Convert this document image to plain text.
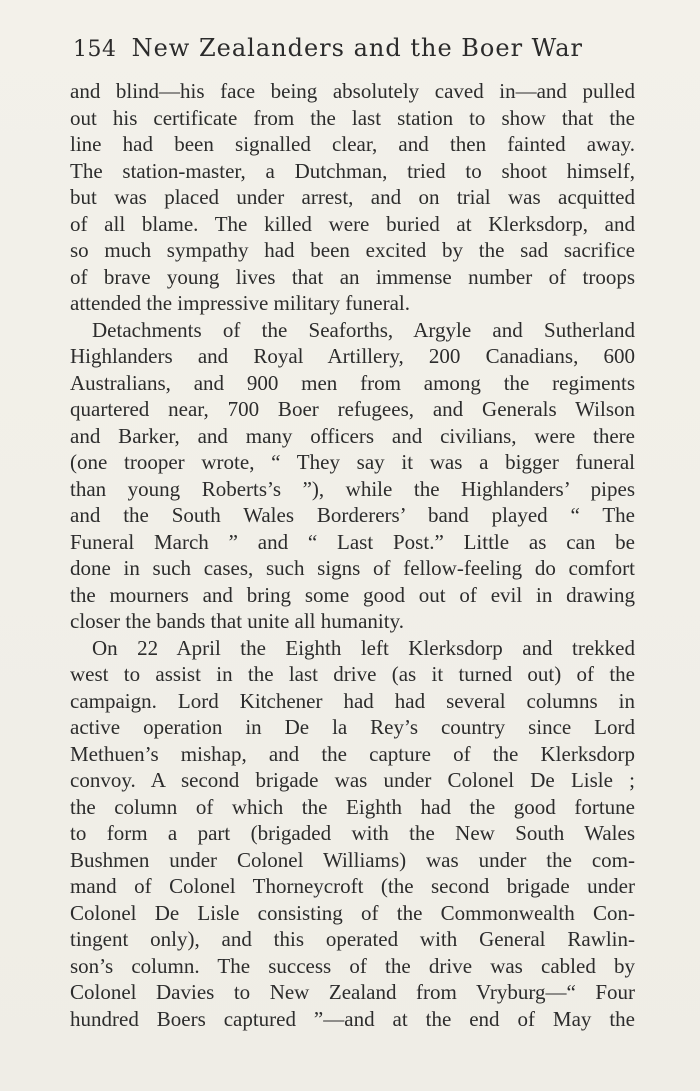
154 New Zealanders and the Boer War
and blind—his face being absolutely caved in—and pulled
out his certificate from the last station to show that the
line had been signalled clear, and then fainted away.
The station-master, a Dutchman, tried to shoot himself,
but was placed under arrest, and on trial was acquitted
of all blame. The killed were buried at Klerksdorp, and
so much sympathy had been excited by the sad sacrifice
of brave young lives that an immense number of troops
attended the impressive military funeral.
Detachments of the Seaforths, Argyle and Sutherland
Highlanders and Royal Artillery, 200 Canadians, 600
Australians, and 900 men from among the regiments
quartered near, 700 Boer refugees, and Generals Wilson
and Barker, and many officers and civilians, were there
(one trooper wrote, “ They say it was a bigger funeral
than young Roberts’s ”), while the Highlanders’ pipes
and the South Wales Borderers’ band played “ The
Funeral March ” and “ Last Post.” Little as can be
done in such cases, such signs of fellow-feeling do comfort
the mourners and bring some good out of evil in drawing
closer the bands that unite all humanity.
On 22 April the Eighth left Klerksdorp and trekked
west to assist in the last drive (as it turned out) of the
campaign. Lord Kitchener had had several columns in
active operation in De la Rey’s country since Lord
Methuen’s mishap, and the capture of the Klerksdorp
convoy. A second brigade was under Colonel De Lisle ;
the column of which the Eighth had the good fortune
to form a part (brigaded with the New South Wales
Bushmen under Colonel Williams) was under the com-
mand of Colonel Thorneycroft (the second brigade under
Colonel De Lisle consisting of the Commonwealth Con-
tingent only), and this operated with General Rawlin-
son’s column. The success of the drive was cabled by
Colonel Davies to New Zealand from Vryburg—“ Four
hundred Boers captured ”—and at the end of May the
